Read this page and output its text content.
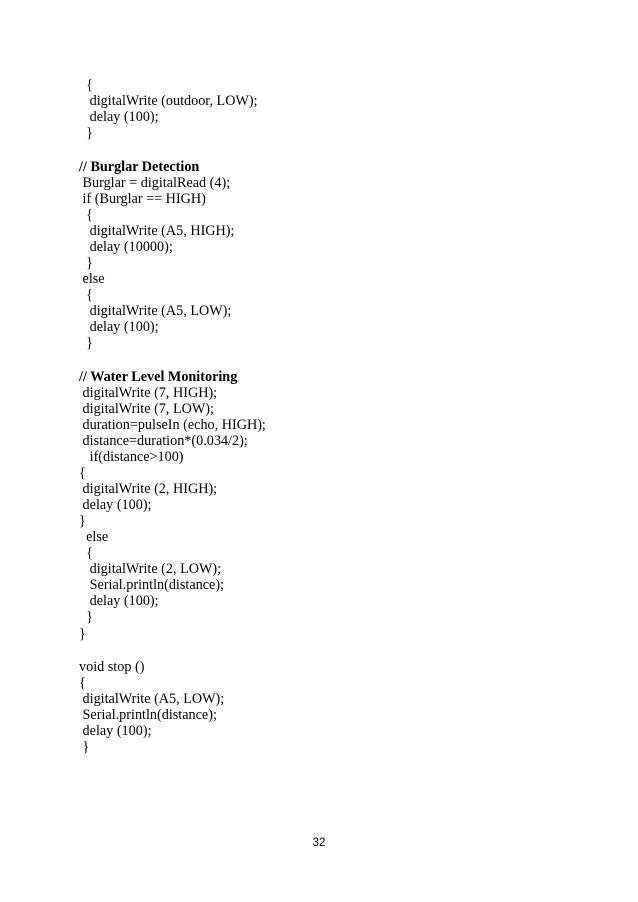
{
digitalWrite (outdoor, LOW);
delay (100);
}
// Burglar Detection
Burglar = digitalRead (4);
if (Burglar == HIGH)
{
digitalWrite (A5, HIGH);
delay (10000);
}
else
{
digitalWrite (A5, LOW);
delay (100);
}
// Water Level Monitoring
digitalWrite (7, HIGH);
digitalWrite (7, LOW);
duration=pulseIn (echo, HIGH);
distance=duration*(0.034/2);
if(distance>100)
{
digitalWrite (2, HIGH);
delay (100);
}
else
{
digitalWrite (2, LOW);
Serial.println(distance);
delay (100);
}
}
void stop ()
{
digitalWrite (A5, LOW);
Serial.println(distance);
delay (100);
}
32
